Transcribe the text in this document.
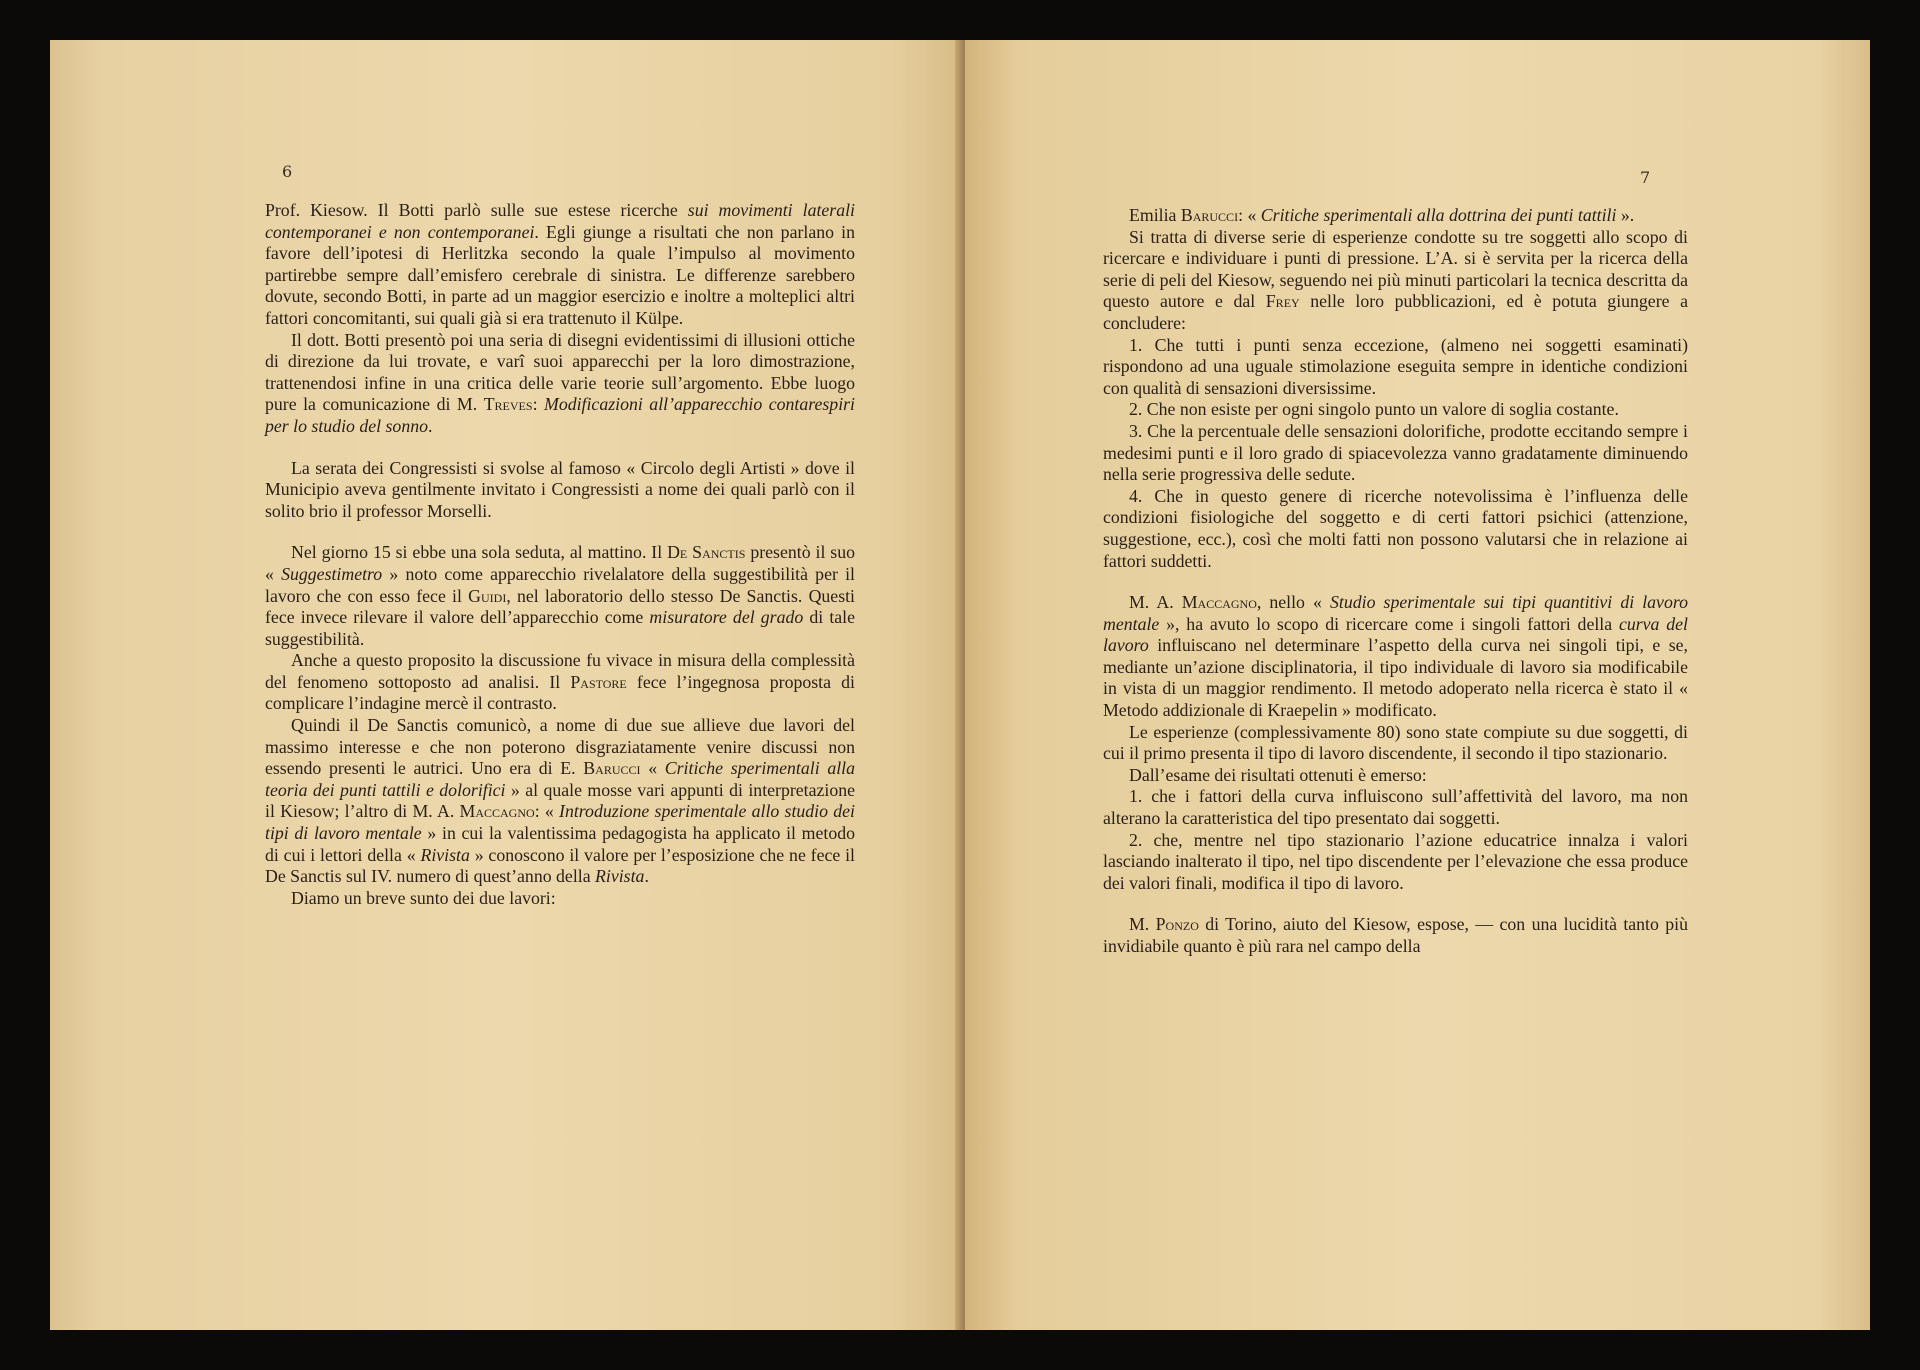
6

Prof. Kiesow. Il Botti parlò sulle sue estese ricerche sui movimenti laterali contemporanei e non contemporanei. Egli giunge a risultati che non parlano in favore dell’ipotesi di Herlitzka secondo la quale l’impulso al movimento partirebbe sempre dall’emisfero cerebrale di sinistra. Le differenze sarebbero dovute, secondo Botti, in parte ad un maggior esercizio e inoltre a molteplici altri fattori concomitanti, sui quali già si era trattenuto il Külpe.

Il dott. Botti presentò poi una seria di disegni evidentissimi di illusioni ottiche di direzione da lui trovate, e varî suoi apparecchi per la loro dimostrazione, trattenendosi infine in una critica delle varie teorie sull’argomento. Ebbe luogo pure la comunicazione di M. Treves: Modificazioni all’apparecchio contarespiri per lo studio del sonno.

La serata dei Congressisti si svolse al famoso « Circolo degli Artisti » dove il Municipio aveva gentilmente invitato i Congressisti a nome dei quali parlò con il solito brio il professor Morselli.

Nel giorno 15 si ebbe una sola seduta, al mattino. Il De Sanctis presentò il suo « Suggestimetro » noto come apparecchio rivelalatore della suggestibilità per il lavoro che con esso fece il Guidi, nel laboratorio dello stesso De Sanctis. Questi fece invece rilevare il valore dell’apparecchio come misuratore del grado di tale suggestibilità.

Anche a questo proposito la discussione fu vivace in misura della complessità del fenomeno sottoposto ad analisi. Il Pastore fece l’ingegnosa proposta di complicare l’indagine mercè il contrasto.

Quindi il De Sanctis comunicò, a nome di due sue allieve due lavori del massimo interesse e che non poterono disgraziatamente venire discussi non essendo presenti le autrici. Uno era di E. Barucci « Critiche sperimentali alla teoria dei punti tattili e dolorifici » al quale mosse vari appunti di interpretazione il Kiesow; l’altro di M. A. Maccagno: « Introduzione sperimentale allo studio dei tipi di lavoro mentale » in cui la valentissima pedagogista ha applicato il metodo di cui i lettori della « Rivista » conoscono il valore per l’esposizione che ne fece il De Sanctis sul IV. numero di quest’anno della Rivista.

Diamo un breve sunto dei due lavori:

7

Emilia Barucci: « Critiche sperimentali alla dottrina dei punti tattili ».

Si tratta di diverse serie di esperienze condotte su tre soggetti allo scopo di ricercare e individuare i punti di pressione. L’A. si è servita per la ricerca della serie di peli del Kiesow, seguendo nei più minuti particolari la tecnica descritta da questo autore e dal Frey nelle loro pubblicazioni, ed è potuta giungere a concludere:

1. Che tutti i punti senza eccezione, (almeno nei soggetti esaminati) rispondono ad una uguale stimolazione eseguita sempre in identiche condizioni con qualità di sensazioni diversissime.

2. Che non esiste per ogni singolo punto un valore di soglia costante.

3. Che la percentuale delle sensazioni dolorifiche, prodotte eccitando sempre i medesimi punti e il loro grado di spiacevolezza vanno gradatamente diminuendo nella serie progressiva delle sedute.

4. Che in questo genere di ricerche notevolissima è l’influenza delle condizioni fisiologiche del soggetto e di certi fattori psichici (attenzione, suggestione, ecc.), così che molti fatti non possono valutarsi che in relazione ai fattori suddetti.

M. A. Maccagno, nello « Studio sperimentale sui tipi quantitivi di lavoro mentale », ha avuto lo scopo di ricercare come i singoli fattori della curva del lavoro influiscano nel determinare l’aspetto della curva nei singoli tipi, e se, mediante un’azione disciplinatoria, il tipo individuale di lavoro sia modificabile in vista di un maggior rendimento. Il metodo adoperato nella ricerca è stato il « Metodo addizionale di Kraepelin » modificato.

Le esperienze (complessivamente 80) sono state compiute su due soggetti, di cui il primo presenta il tipo di lavoro discendente, il secondo il tipo stazionario.

Dall’esame dei risultati ottenuti è emerso:

1. che i fattori della curva influiscono sull’affettività del lavoro, ma non alterano la caratteristica del tipo presentato dai soggetti.

2. che, mentre nel tipo stazionario l’azione educatrice innalza i valori lasciando inalterato il tipo, nel tipo discendente per l’elevazione che essa produce dei valori finali, modifica il tipo di lavoro.

M. Ponzo di Torino, aiuto del Kiesow, espose, — con una lucidità tanto più invidiabile quanto è più rara nel campo della
